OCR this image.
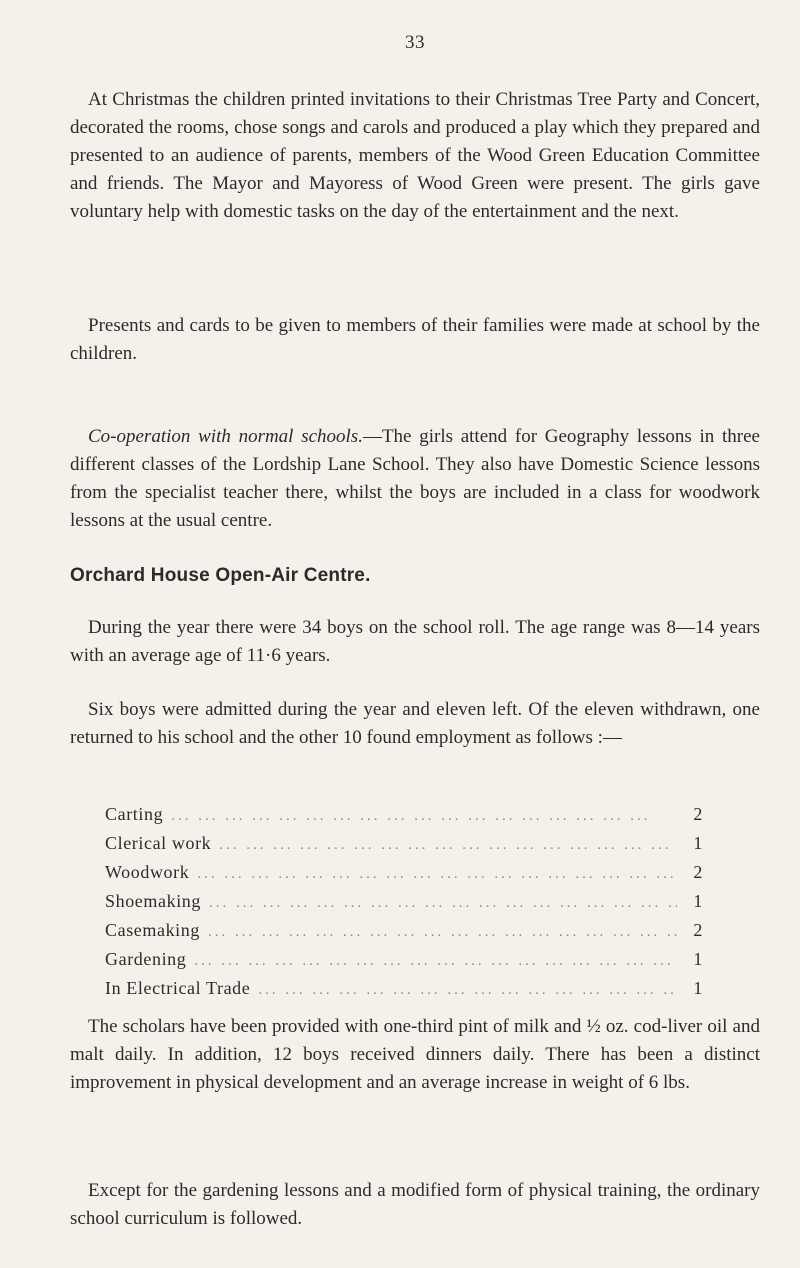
33

At Christmas the children printed invitations to their Christmas Tree Party and Concert, decorated the rooms, chose songs and carols and produced a play which they prepared and presented to an audience of parents, members of the Wood Green Education Committee and friends. The Mayor and Mayoress of Wood Green were present. The girls gave voluntary help with domestic tasks on the day of the entertainment and the next.

Presents and cards to be given to members of their families were made at school by the children.

Co-operation with normal schools.—The girls attend for Geography lessons in three different classes of the Lordship Lane School. They also have Domestic Science lessons from the specialist teacher there, whilst the boys are included in a class for woodwork lessons at the usual centre.

Orchard House Open-Air Centre.

During the year there were 34 boys on the school roll. The age range was 8—14 years with an average age of 11·6 years.

Six boys were admitted during the year and eleven left. Of the eleven withdrawn, one returned to his school and the other 10 found employment as follows :—

Carting ... .	2
Clerical work ... .	1
Woodwork ... .	2
Shoemaking ... .	1
Casemaking ... .	2
Gardening ... .	1
In Electrical Trade ... .	1

The scholars have been provided with one-third pint of milk and ½ oz. cod-liver oil and malt daily. In addition, 12 boys received dinners daily. There has been a distinct improvement in physical development and an average increase in weight of 6 lbs.

Except for the gardening lessons and a modified form of physical training, the ordinary school curriculum is followed.
